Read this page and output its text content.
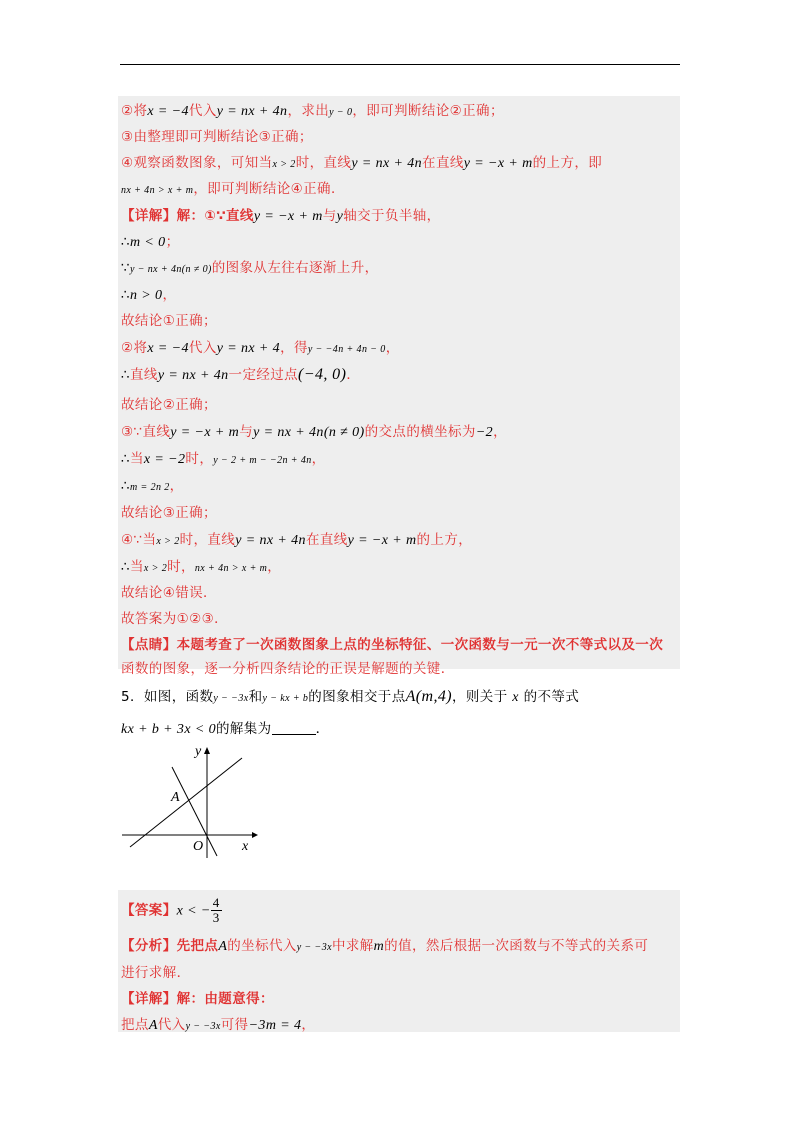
②将x = −4代入y = nx + 4n，求出y − 0，即可判断结论②正确；
③由整理即可判断结论③正确；
④观察函数图象，可知当x > 2时，直线y = nx + 4n在直线y = −x + m的上方，即
nx + 4n > x + m，即可判断结论④正确．
【详解】解：①∵直线y = −x + m与y轴交于负半轴，
∴m < 0；
∵y − nx + 4n(n ≠ 0)的图象从左往右逐渐上升，
∴n > 0，
故结论①正确；
②将x = −4代入y = nx + 4，得y − −4n + 4n − 0，
∴直线y = nx + 4n一定经过点(−4, 0)．
故结论②正确；
③∵直线y = −x + m与y = nx + 4n(n ≠ 0)的交点的横坐标为−2，
∴当x = −2时，y − 2 + m − −2n + 4n，
∴m = 2n 2，
故结论③正确；
④∵当x > 2时，直线y = nx + 4n在直线y = −x + m的上方，
∴当x > 2时，nx + 4n > x + m，
故结论④错误．
故答案为①②③．
【点睛】本题考查了一次函数图象上点的坐标特征、一次函数与一元一次不等式以及一次
函数的图象，逐一分析四条结论的正误是解题的关键．
5．如图，函数y − −3x和y − kx + b的图象相交于点A(m,4)，则关于 x 的不等式
kx + b + 3x < 0的解集为	．
【答案】x < − $\frac{4}{3}$
【分析】先把点A的坐标代入y − −3x中求解m的值，然后根据一次函数与不等式的关系可
进行求解．
【详解】解：由题意得：
把点A代入y − −3x可得−3m = 4，
y
x
O
A
